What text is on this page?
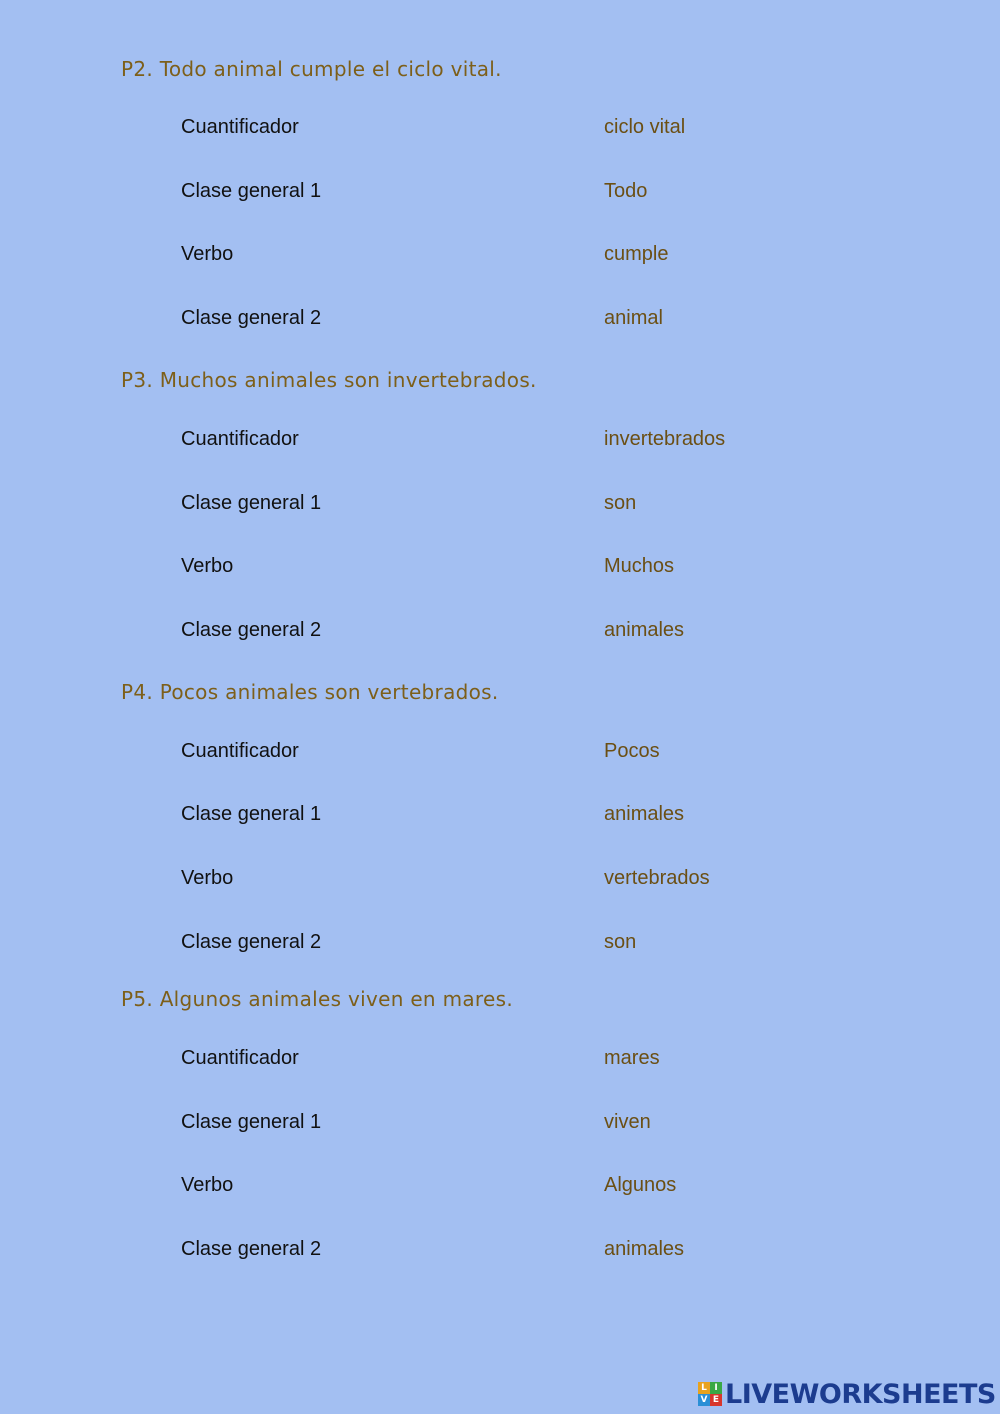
P2. Todo animal cumple el ciclo vital.
Cuantificador	ciclo vital
Clase general 1	Todo
Verbo	cumple
Clase general 2	animal
P3. Muchos animales son invertebrados.
Cuantificador	invertebrados
Clase general 1	son
Verbo	Muchos
Clase general 2	animales
P4. Pocos animales son vertebrados.
Cuantificador	Pocos
Clase general 1	animales
Verbo	vertebrados
Clase general 2	son
P5. Algunos animales viven en mares.
Cuantificador	mares
Clase general 1	viven
Verbo	Algunos
Clase general 2	animales
L I
V E LIVEWORKSHEETS
